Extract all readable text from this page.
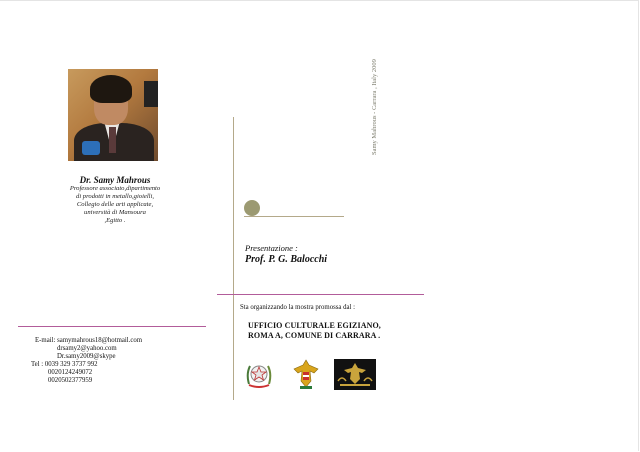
Dr. Samy Mahrous
Professore associato,dipartimento
di prodotti in metallo,gioielli,
Collegio delle arti applicate,
università di Mansoura
,Egitto .
E-mail: samymahrous18@hotmail.com
drsamy2@yahoo.com
Dr.samy2009@skype
Tel : 0039 329 3737 992
0020124249072
0020502377959
Samy Mahrous - Carrara , Italy 2009
Presentazione :
Prof. P. G. Balocchi
Sta organizzando la mostra promossa dal :
UFFICIO CULTURALE EGIZIANO,
ROMA A, COMUNE DI CARRARA .
